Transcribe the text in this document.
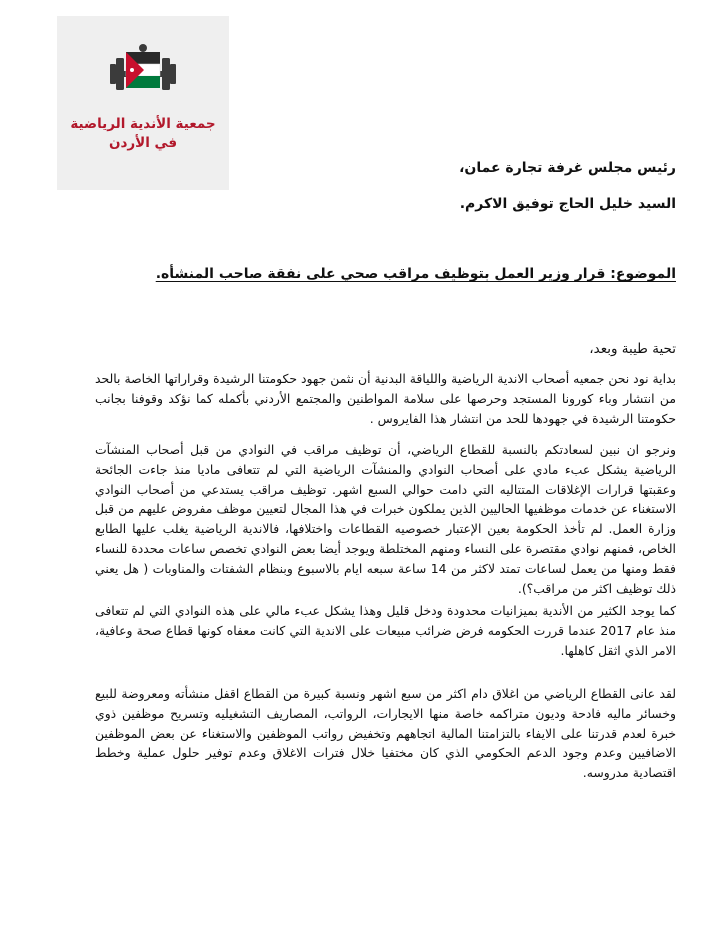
جمعية الأندية الرياضية
في الأردن
رئيس مجلس غرفة تجارة عمان،
السيد خليل الحاج توفيق الاكرم.
الموضوع: قرار وزير العمل بتوظيف مراقب صحي على نفقة صاحب المنشأه.
تحية طيبة وبعد،
بداية نود نحن جمعيه أصحاب الاندية الرياضية واللياقة البدنية أن نثمن جهود حكومتنا الرشيدة وقراراتها الخاصة بالحد من انتشار وباء كورونا المستجد وحرصها على سلامة المواطنين والمجتمع الأردني بأكمله كما نؤكد وقوفنا بجانب حكومتنا الرشيدة في جهودها للحد من انتشار هذا الفايروس .
ونرجو ان نبين لسعادتكم بالنسبة للقطاع الرياضي، أن توظيف مراقب في النوادي من قبل أصحاب المنشآت الرياضية يشكل عبء مادي على أصحاب النوادي والمنشآت الرياضية التي لم تتعافى ماديا منذ جاءت الجائحة وعقبتها قرارات الإغلاقات المتتاليه التي دامت حوالي السبع اشهر. توظيف مراقب يستدعي من أصحاب النوادي الاستغناء عن خدمات موظفيها الحاليين الذين يملكون خبرات في هذا المجال لتعيين موظف مفروض عليهم من قبل وزارة العمل. لم تأخذ الحكومة بعين الإعتبار خصوصيه القطاعات واختلافها، فالاندية الرياضية يغلب عليها الطابع الخاص، فمنهم نوادي مقتصرة على النساء ومنهم المختلطة ويوجد أيضا بعض النوادي تخصص ساعات محددة للنساء فقط ومنها من يعمل لساعات تمتد لاكثر من 14 ساعة سبعه ايام بالاسبوع وبنظام الشفتات والمناوبات ( هل يعني ذلك توظيف اكثر من مراقب؟).
كما يوجد الكثير من الأندية بميزانيات محدودة ودخل قليل وهذا يشكل عبء مالي على هذه النوادي التي لم تتعافى منذ عام 2017 عندما قررت الحكومه فرض ضرائب مبيعات على الاندية التي كانت معفاه كونها قطاع صحة وعافية، الامر الذي اثقل كاهلها.
لقد عانى القطاع الرياضي من اغلاق دام اكثر من سبع اشهر ونسبة كبيرة من القطاع اقفل منشأته ومعروضة للبيع وخسائر ماليه فادحة وديون متراكمه خاصة منها الايجارات، الرواتب، المصاريف التشغيليه وتسريح موظفين ذوي خبرة لعدم قدرتنا على الايفاء بالتزامتنا المالية اتجاههم وتخفيض رواتب الموظفين والاستغناء عن بعض الموظفين الاضافيين وعدم وجود الدعم الحكومي الذي كان مختفيا خلال فترات الاغلاق وعدم توفير حلول عملية وخطط اقتصادية مدروسه.
